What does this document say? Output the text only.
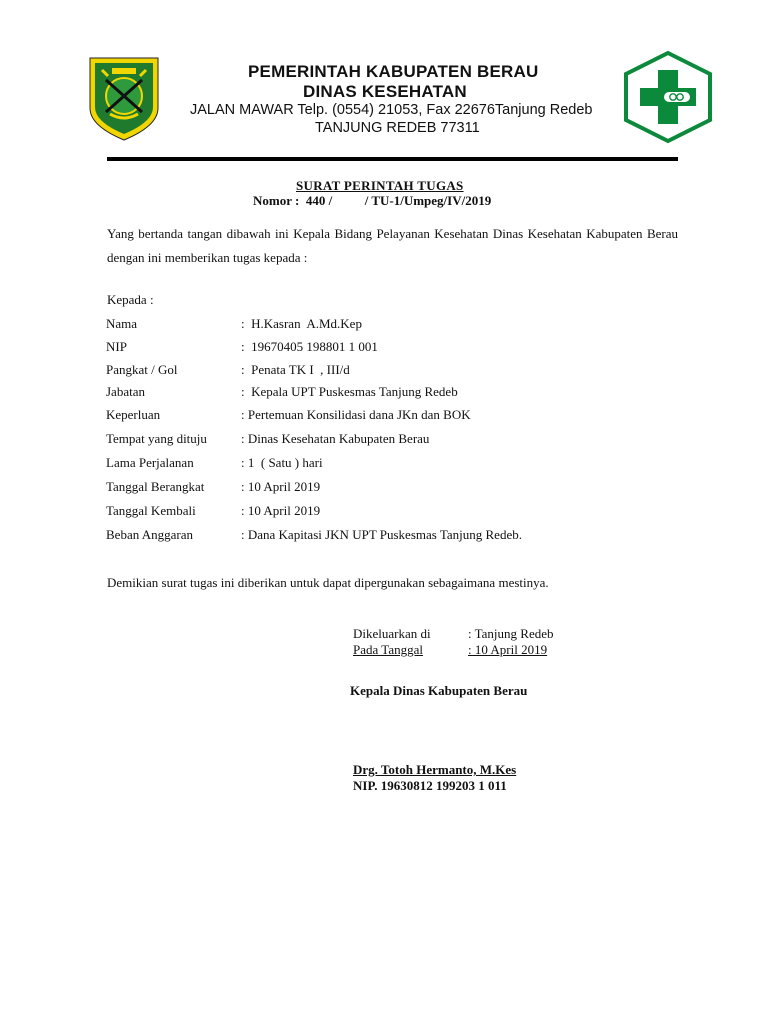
PEMERINTAH KABUPATEN BERAU
DINAS KESEHATAN
JALAN MAWAR Telp. (0554) 21053, Fax 22676Tanjung Redeb
TANJUNG REDEB 77311
SURAT PERINTAH TUGAS
Nomor :  440 /          / TU-1/Umpeg/IV/2019
Yang bertanda tangan dibawah ini Kepala Bidang Pelayanan Kesehatan Dinas Kesehatan Kabupaten Berau dengan ini memberikan tugas kepada :
Kepada :
Nama	:  H.Kasran  A.Md.Kep
NIP	:  19670405 198801 1 001
Pangkat / Gol	:  Penata TK I  , III/d
Jabatan	:  Kepala UPT Puskesmas Tanjung Redeb
Keperluan	: Pertemuan Konsilidasi dana JKn dan BOK
Tempat yang dituju	: Dinas Kesehatan Kabupaten Berau
Lama Perjalanan	: 1  ( Satu ) hari
Tanggal Berangkat	: 10 April 2019
Tanggal Kembali	: 10 April 2019
Beban Anggaran	: Dana Kapitasi JKN UPT Puskesmas Tanjung Redeb.
Demikian surat tugas ini diberikan untuk dapat dipergunakan sebagaimana mestinya.
Dikeluarkan di	: Tanjung Redeb
Pada Tanggal	: 10 April 2019
Kepala Dinas Kabupaten Berau
Drg. Totoh Hermanto, M.Kes
NIP. 19630812 199203 1 011
